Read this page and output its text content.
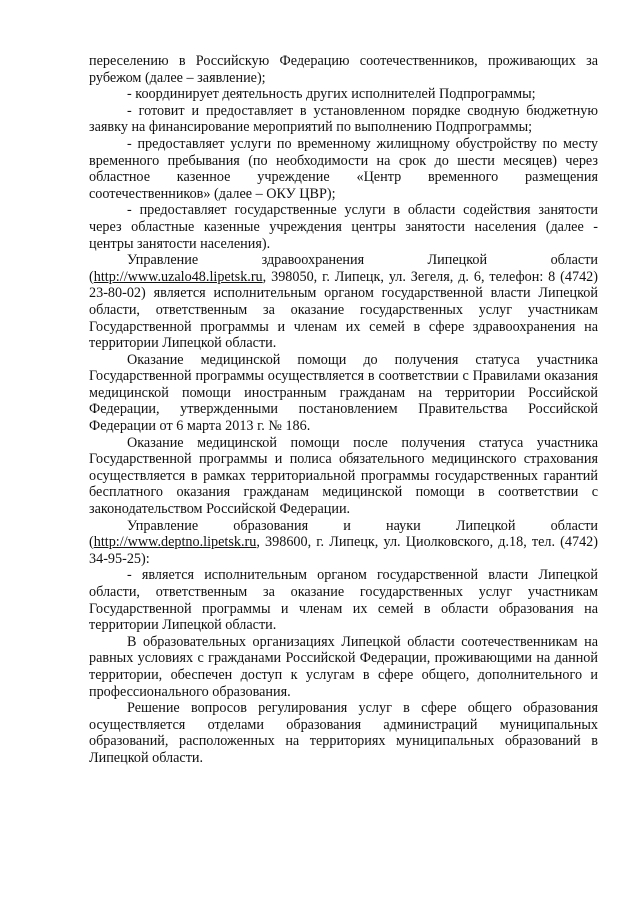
переселению в Российскую Федерацию соотечественников, проживающих за рубежом (далее – заявление);

- координирует деятельность других исполнителей Подпрограммы;

- готовит и предоставляет в установленном порядке сводную бюджетную заявку на финансирование мероприятий по выполнению Подпрограммы;

- предоставляет услуги по временному жилищному обустройству по месту временного пребывания (по необходимости на срок до шести месяцев) через областное казенное учреждение «Центр временного размещения соотечественников» (далее – ОКУ ЦВР);

- предоставляет государственные услуги в области содействия занятости через областные казенные учреждения центры занятости населения (далее - центры занятости населения).

Управление здравоохранения Липецкой области (http://www.uzalo48.lipetsk.ru, 398050, г. Липецк, ул. Зегеля, д. 6, телефон: 8 (4742) 23-80-02) является исполнительным органом государственной власти Липецкой области, ответственным за оказание государственных услуг участникам Государственной программы и членам их семей в сфере здравоохранения на территории Липецкой области.

Оказание медицинской помощи до получения статуса участника Государственной программы осуществляется в соответствии с Правилами оказания медицинской помощи иностранным гражданам на территории Российской Федерации, утвержденными постановлением Правительства Российской Федерации от 6 марта 2013 г. № 186.

Оказание медицинской помощи после получения статуса участника Государственной программы и полиса обязательного медицинского страхования осуществляется в рамках территориальной программы государственных гарантий бесплатного оказания гражданам медицинской помощи в соответствии с законодательством Российской Федерации.

Управление образования и науки Липецкой области (http://www.deptno.lipetsk.ru, 398600, г. Липецк, ул. Циолковского, д.18, тел. (4742) 34-95-25):

- является исполнительным органом государственной власти Липецкой области, ответственным за оказание государственных услуг участникам Государственной программы и членам их семей в области образования на территории Липецкой области.

В образовательных организациях Липецкой области соотечественникам на равных условиях с гражданами Российской Федерации, проживающими на данной территории, обеспечен доступ к услугам в сфере общего, дополнительного и профессионального образования.

Решение вопросов регулирования услуг в сфере общего образования осуществляется отделами образования администраций муниципальных образований, расположенных на территориях муниципальных образований в Липецкой области.
